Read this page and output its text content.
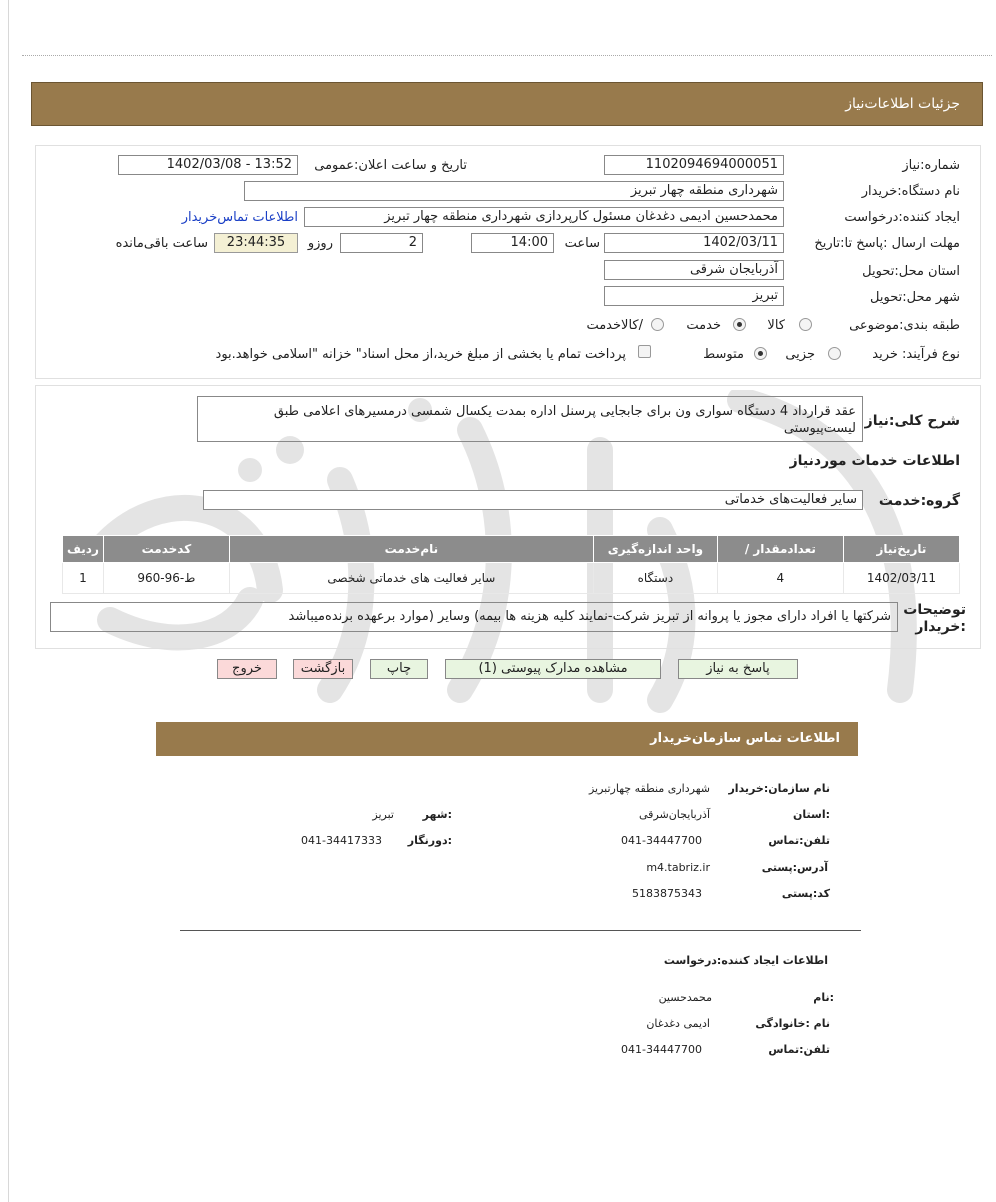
جزئیات اطلاعات‌نیاز
شماره:نیاز
1102094694000051
تاریخ و ساعت اعلان:عمومی
1402/03/08 - 13:52
نام دستگاه:خریدار
شهرداری منطقه چهار تبریز
ایجاد کننده:درخواست
محمدحسین ادیمی دغدغان مسئول کارپردازی شهرداری منطقه چهار تبریز
اطلاعات تماس‌خریدار
مهلت ارسال :پاسخ تا:تاریخ
1402/03/11
ساعت
14:00
روزو	2
23:44:35
ساعت باقی‌مانده
استان محل:تحویل
آذربایجان شرقی
شهر محل:تحویل
تبریز
طبقه بندی:موضوعی
کالا
خدمت
/کالاخدمت
نوع فرآیند: خرید
جزیی
متوسط
پرداخت تمام یا بخشی از مبلغ خرید،از محل اسناد" خزانه "اسلامی خواهد.بود
شرح کلی:نیاز
عقد قرارداد 4 دستگاه سواری ون برای جابجایی پرسنل اداره بمدت یکسال شمسی درمسیرهای اعلامی طبق لیست‌پیوستی
اطلاعات خدمات موردنیاز
گروه:خدمت
سایر فعالیت‌های خدماتی
ردیف	کدخدمت	نام‌خدمت	واحد اندازه‌گیری	/ تعدادمقدار	تاریخ‌نیاز
1	ط-96-960	سایر فعالیت های خدماتی شخصی	دستگاه	4	1402/03/11
توضیحات :خریدار
شرکتها یا افراد دارای مجوز یا پروانه از تبریز شرکت-نمایند کلیه هزینه ها بیمه) وسایر (موارد برعهده برنده‌میباشد
پاسخ به نیاز
مشاهده مدارک پیوستی (1)
چاپ
بازگشت
خروج
اطلاعات تماس سازمان‌خریدار
نام سازمان:خریدار
شهرداری منطقه چهارتبریز
:استان
آذربایجان‌شرقی
:شهر
تبریز
تلفن:تماس
041-34447700
:دورنگار
041-34417333
آدرس:پستی
m4.tabriz.ir
کد:پستی
5183875343
اطلاعات ایجاد کننده:درخواست
:نام
محمدحسین
نام :خانوادگی
ادیمی دغدغان
تلفن:تماس
041-34447700
